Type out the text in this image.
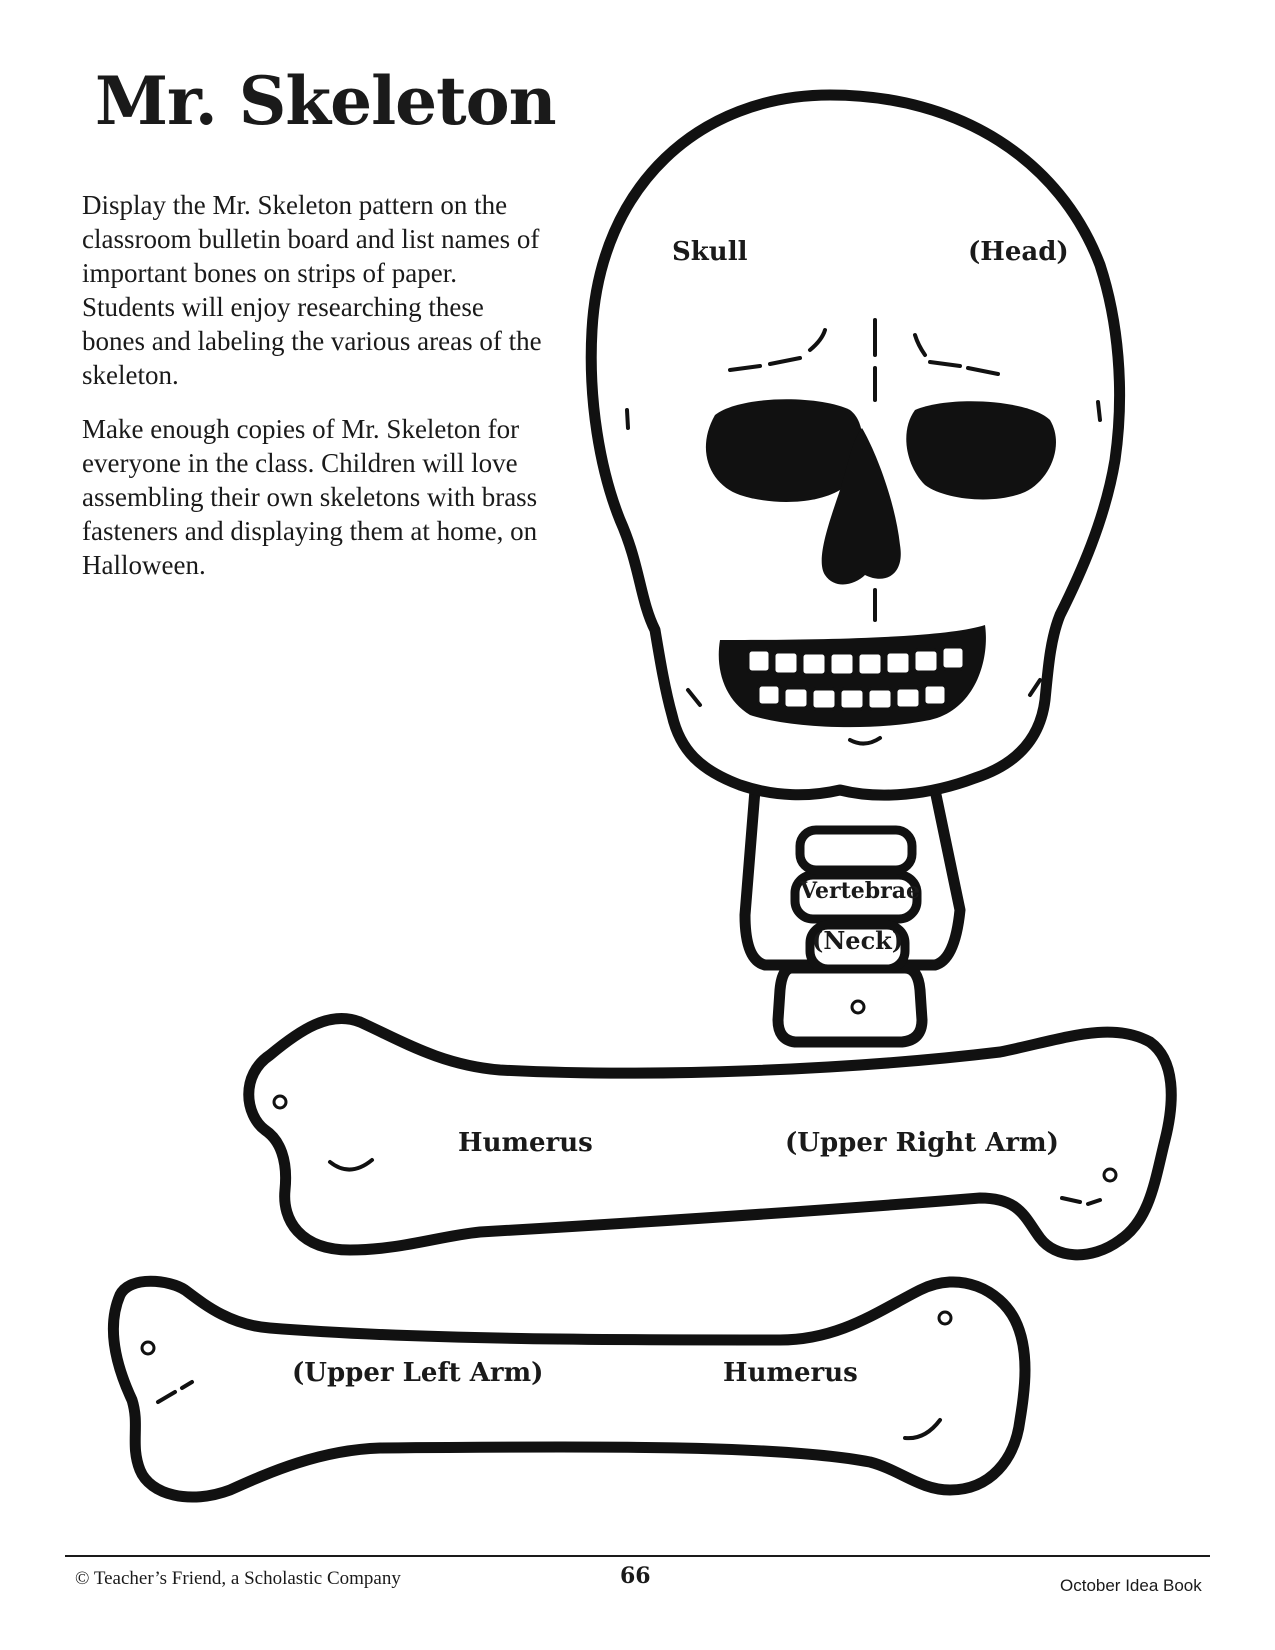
Mr. Skeleton

Display the Mr. Skeleton pattern on the classroom bulletin board and list names of important bones on strips of paper. Students will enjoy researching these bones and labeling the various areas of the skeleton.

Make enough copies of Mr. Skeleton for everyone in the class. Children will love assembling their own skeletons with brass fasteners and displaying them at home, on Halloween.

Skull	(Head)
Vertebrae
(Neck)
Humerus	(Upper Right Arm)
(Upper Left Arm)	Humerus
© Teacher’s Friend, a Scholastic Company	66	October Idea Book
